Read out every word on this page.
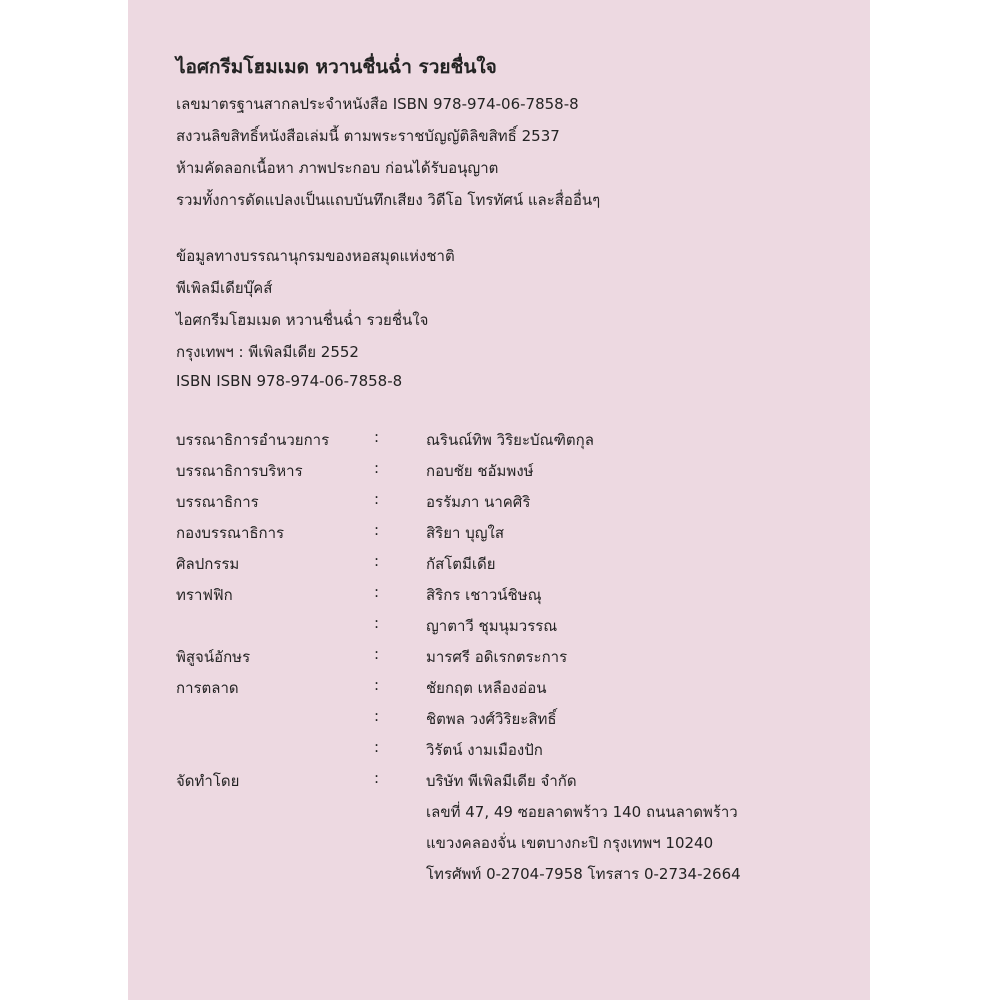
ไอศกรีมโฮมเมด หวานชื่นฉ่ำ รวยชื่นใจ
เลขมาตรฐานสากลประจำหนังสือ ISBN 978-974-06-7858-8
สงวนลิขสิทธิ์หนังสือเล่มนี้ ตามพระราชบัญญัติลิขสิทธิ์ 2537
ห้ามคัดลอกเนื้อหา ภาพประกอบ ก่อนได้รับอนุญาต
รวมทั้งการดัดแปลงเป็นแถบบันทึกเสียง วิดีโอ โทรทัศน์ และสื่ออื่นๆ
ข้อมูลทางบรรณานุกรมของหอสมุดแห่งชาติ
พีเพิลมีเดียบุ๊คส์
ไอศกรีมโฮมเมด หวานชื่นฉ่ำ รวยชื่นใจ
กรุงเทพฯ : พีเพิลมีเดีย 2552
ISBN ISBN 978-974-06-7858-8
บรรณาธิการอำนวยการ	:	ณรินณ์ทิพ วิริยะบัณฑิตกุล
บรรณาธิการบริหาร	:	กอบชัย ชอัมพงษ์
บรรณาธิการ	:	อรรัมภา นาคศิริ
กองบรรณาธิการ	:	สิริยา บุญใส
ศิลปกรรม	:	กัสโตมีเดีย
ทราฟฟิก	:	สิริกร เชาวน์ชิษณุ
:	ญาตาวี ชุมนุมวรรณ
พิสูจน์อักษร	:	มารศรี อดิเรกตระการ
การตลาด	:	ชัยกฤต เหลืองอ่อน
:	ชิตพล วงศ์วิริยะสิทธิ์
:	วิรัตน์ งามเมืองปัก
จัดทำโดย	:	บริษัท พีเพิลมีเดีย จำกัด
เลขที่ 47, 49 ซอยลาดพร้าว 140 ถนนลาดพร้าว
แขวงคลองจั่น เขตบางกะปิ กรุงเทพฯ 10240
โทรศัพท์ 0-2704-7958 โทรสาร 0-2734-2664
